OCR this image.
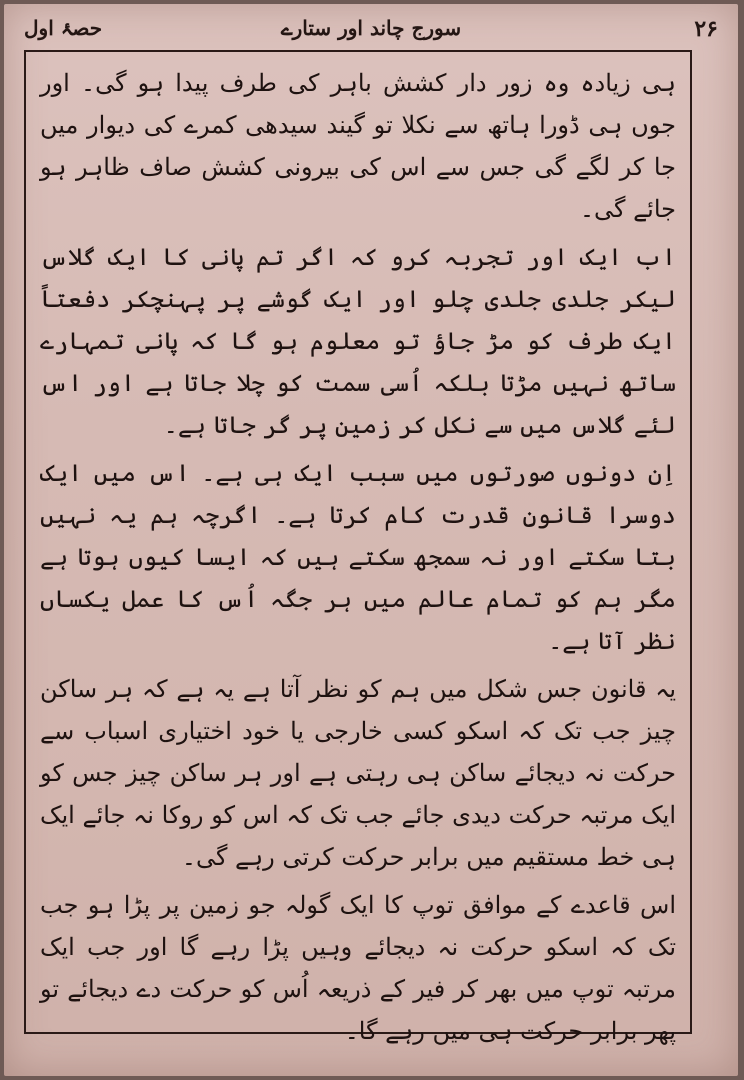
۲۶
سورج چاند اور ستارے
حصۂ اول

ہی زیادہ وہ زور دار کشش باہر کی طرف پیدا ہو گی۔ اور جوں ہی ڈورا ہاتھ سے نکلا تو گیند سیدھی کمرے کی دیوار میں جا کر لگے گی جس سے اس کی بیرونی کشش صاف ظاہر ہو جائے گی۔

اب ایک اور تجربہ کرو کہ اگر تم پانی کا ایک گلاس لیکر جلدی جلدی چلو اور ایک گوشے پر پہنچکر دفعتاً ایک طرف کو مڑ جاؤ تو معلوم ہو گا کہ پانی تمہارے ساتھ نہیں مڑتا بلکہ اُسی سمت کو چلا جاتا ہے اور اس لئے گلاس میں سے نکل کر زمین پر گر جاتا ہے۔

اِن دونوں صورتوں میں سبب ایک ہی ہے۔ اس میں ایک دوسرا قانونِ قدرت کام کرتا ہے۔ اگرچہ ہم یہ نہیں بتا سکتے اور نہ سمجھ سکتے ہیں کہ ایسا کیوں ہوتا ہے مگر ہم کو تمام عالم میں ہر جگہ اُس کا عمل یکساں نظر آتا ہے۔

یہ قانون جس شکل میں ہم کو نظر آتا ہے یہ ہے کہ ہر ساکن چیز جب تک کہ اسکو کسی خارجی یا خود اختیاری اسباب سے حرکت نہ دیجائے ساکن ہی رہتی ہے اور ہر ساکن چیز جس کو ایک مرتبہ حرکت دیدی جائے جب تک کہ اس کو روکا نہ جائے ایک ہی خط مستقیم میں برابر حرکت کرتی رہے گی۔

اس قاعدے کے موافق توپ کا ایک گولہ جو زمین پر پڑا ہو جب تک کہ اسکو حرکت نہ دیجائے وہیں پڑا رہے گا اور جب ایک مرتبہ توپ میں بھر کر فیر کے ذریعہ اُس کو حرکت دے دیجائے تو پھر برابر حرکت ہی میں رہے گا۔
